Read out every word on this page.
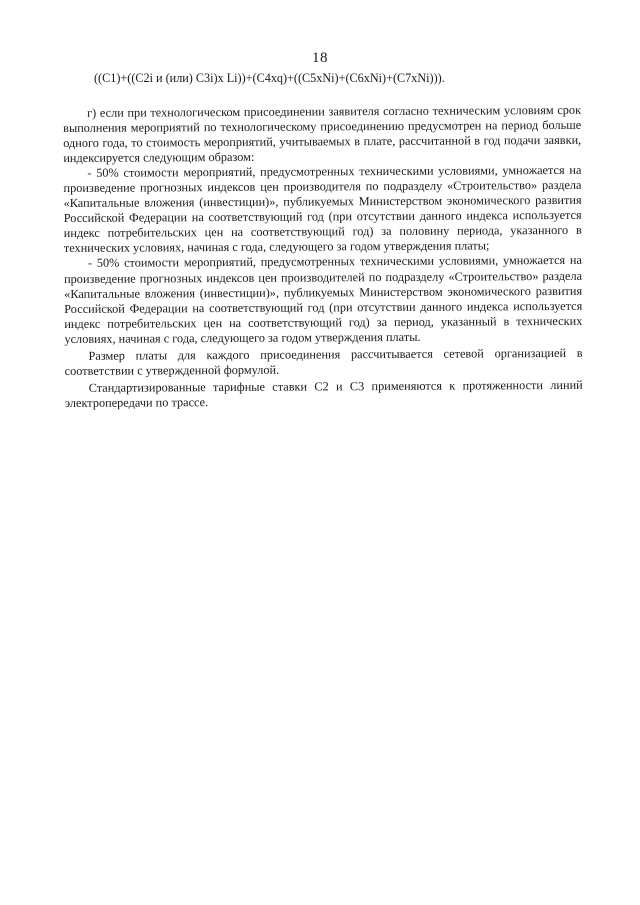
18
((C1)+((C2i и (или) C3i)x Li))+(C4xq)+((C5xNi)+(C6xNi)+(C7xNi))).

г) если при технологическом присоединении заявителя согласно техническим условиям срок выполнения мероприятий по технологическому присоединению предусмотрен на период больше одного года, то стоимость мероприятий, учитываемых в плате, рассчитанной в год подачи заявки, индексируется следующим образом:

- 50% стоимости мероприятий, предусмотренных техническими условиями, умножается на произведение прогнозных индексов цен производителя по подразделу «Строительство» раздела «Капитальные вложения (инвестиции)», публикуемых Министерством экономического развития Российской Федерации на соответствующий год (при отсутствии данного индекса используется индекс потребительских цен на соответствующий год) за половину периода, указанного в технических условиях, начиная с года, следующего за годом утверждения платы;

- 50% стоимости мероприятий, предусмотренных техническими условиями, умножается на произведение прогнозных индексов цен производителей по подразделу «Строительство» раздела «Капитальные вложения (инвестиции)», публикуемых Министерством экономического развития Российской Федерации на соответствующий год (при отсутствии данного индекса используется индекс потребительских цен на соответствующий год) за период, указанный в технических условиях, начиная с года, следующего за годом утверждения платы.

Размер платы для каждого присоединения рассчитывается сетевой организацией в соответствии с утвержденной формулой.

Стандартизированные тарифные ставки С2 и С3 применяются к протяженности линий электропередачи по трассе.
